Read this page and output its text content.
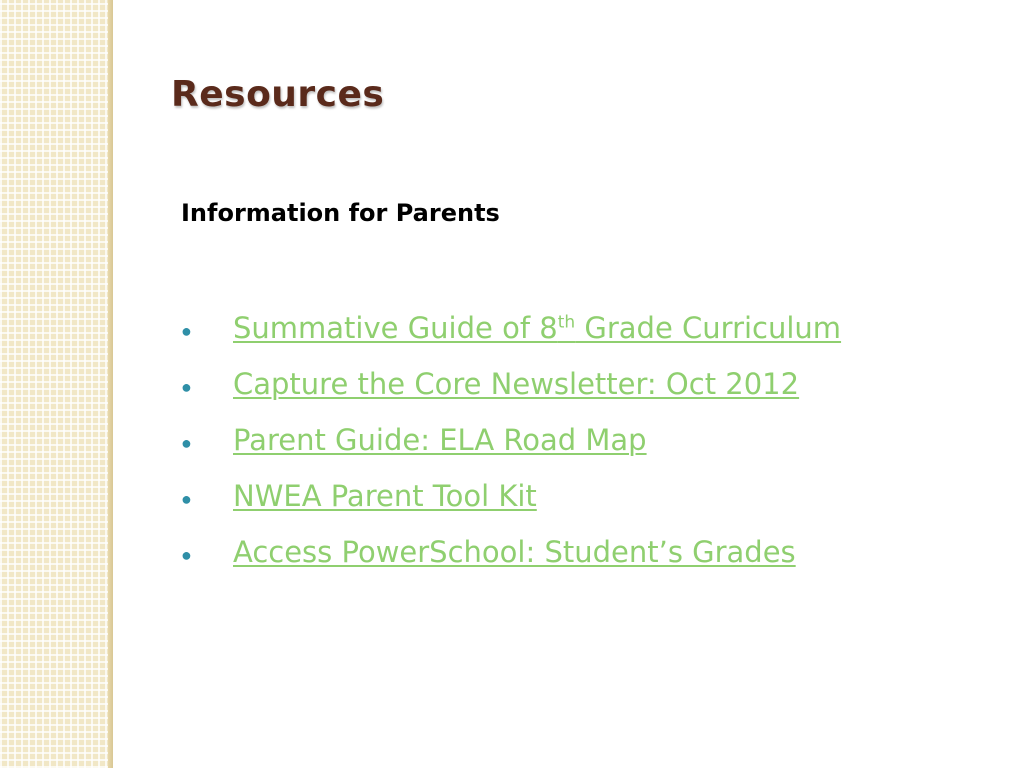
Resources
Information for Parents
● Summative Guide of 8th Grade Curriculum
● Capture the Core Newsletter: Oct 2012
● Parent Guide: ELA Road Map
● NWEA Parent Tool Kit
● Access PowerSchool: Student’s Grades
